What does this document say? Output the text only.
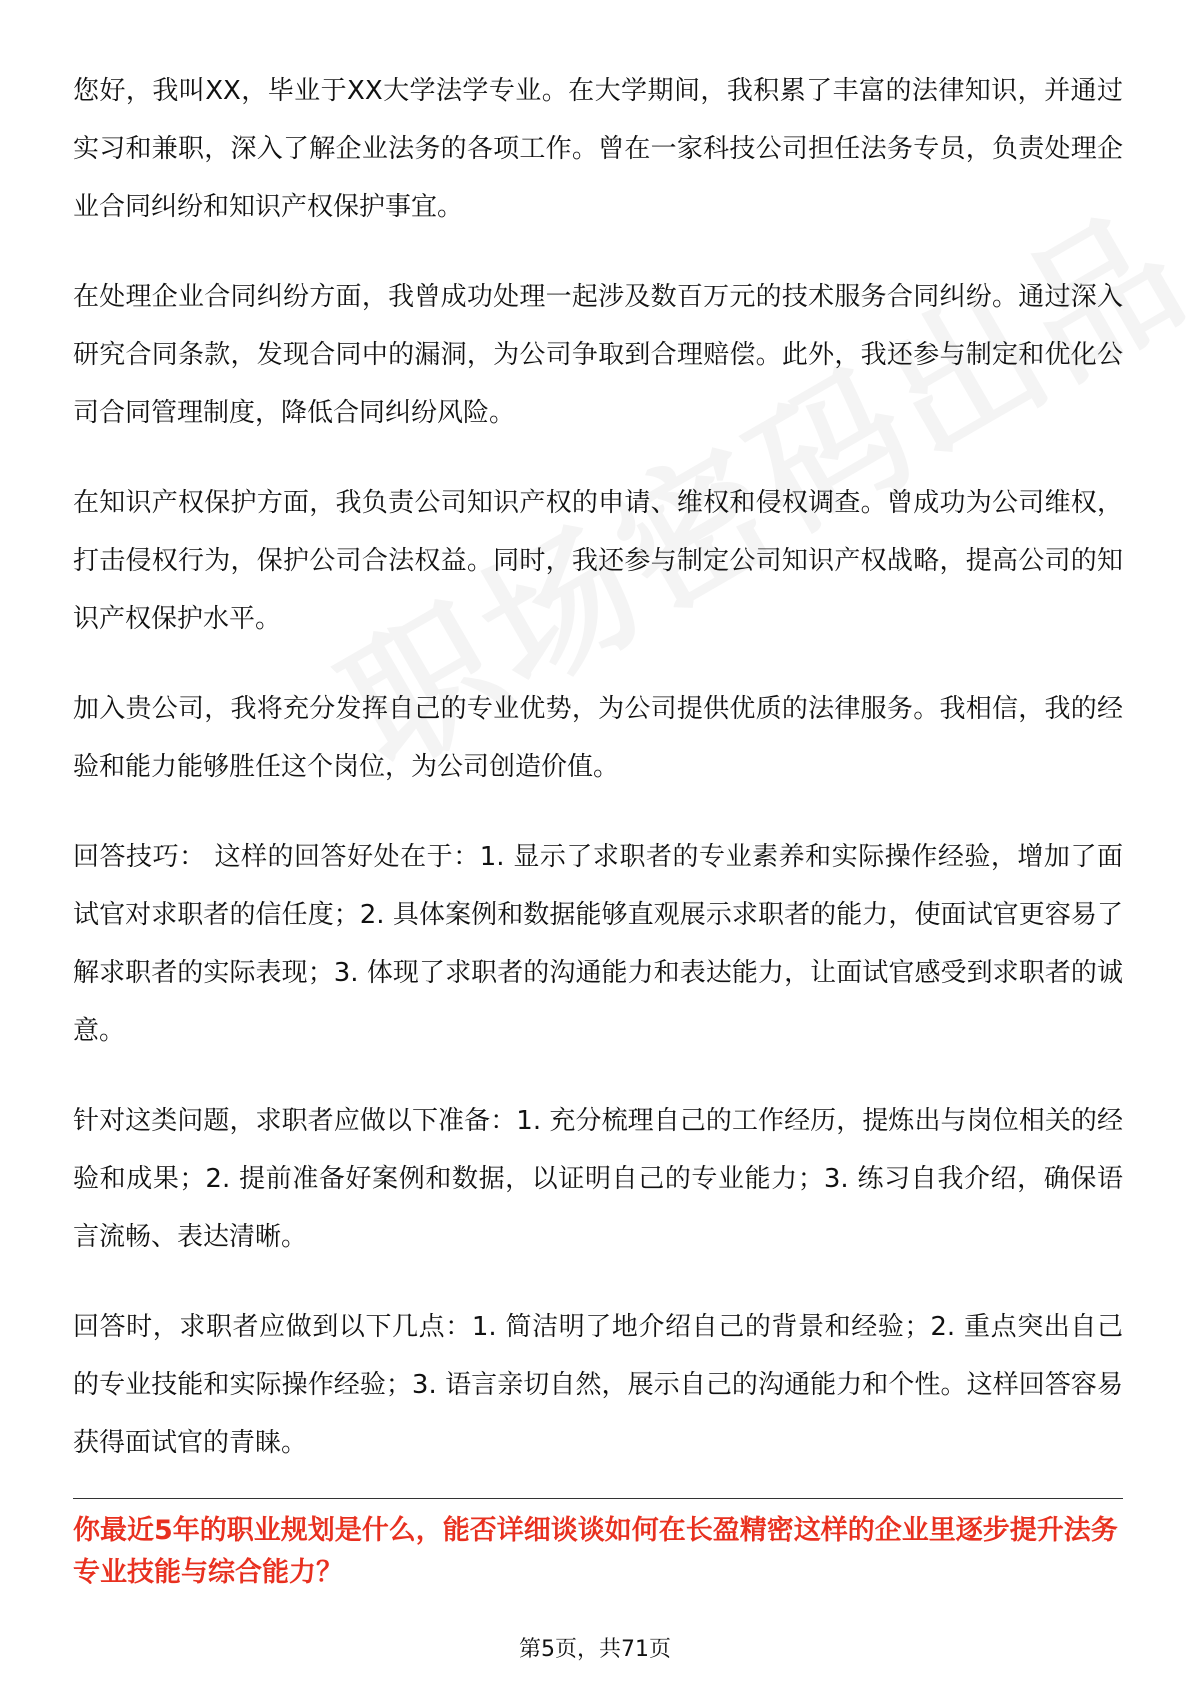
您好，我叫XX，毕业于XX大学法学专业。在大学期间，我积累了丰富的法律知识，并通过实习和兼职，深入了解企业法务的各项工作。曾在一家科技公司担任法务专员，负责处理企业合同纠纷和知识产权保护事宜。

在处理企业合同纠纷方面，我曾成功处理一起涉及数百万元的技术服务合同纠纷。通过深入研究合同条款，发现合同中的漏洞，为公司争取到合理赔偿。此外，我还参与制定和优化公司合同管理制度，降低合同纠纷风险。

在知识产权保护方面，我负责公司知识产权的申请、维权和侵权调查。曾成功为公司维权，打击侵权行为，保护公司合法权益。同时，我还参与制定公司知识产权战略，提高公司的知识产权保护水平。

加入贵公司，我将充分发挥自己的专业优势，为公司提供优质的法律服务。我相信，我的经验和能力能够胜任这个岗位，为公司创造价值。

回答技巧： 这样的回答好处在于：1. 显示了求职者的专业素养和实际操作经验，增加了面试官对求职者的信任度；2. 具体案例和数据能够直观展示求职者的能力，使面试官更容易了解求职者的实际表现；3. 体现了求职者的沟通能力和表达能力，让面试官感受到求职者的诚意。

针对这类问题，求职者应做以下准备：1. 充分梳理自己的工作经历，提炼出与岗位相关的经验和成果；2. 提前准备好案例和数据，以证明自己的专业能力；3. 练习自我介绍，确保语言流畅、表达清晰。

回答时，求职者应做到以下几点：1. 简洁明了地介绍自己的背景和经验；2. 重点突出自己的专业技能和实际操作经验；3. 语言亲切自然，展示自己的沟通能力和个性。这样回答容易获得面试官的青睐。

你最近5年的职业规划是什么，能否详细谈谈如何在长盈精密这样的企业里逐步提升法务专业技能与综合能力？

第5页，共71页
